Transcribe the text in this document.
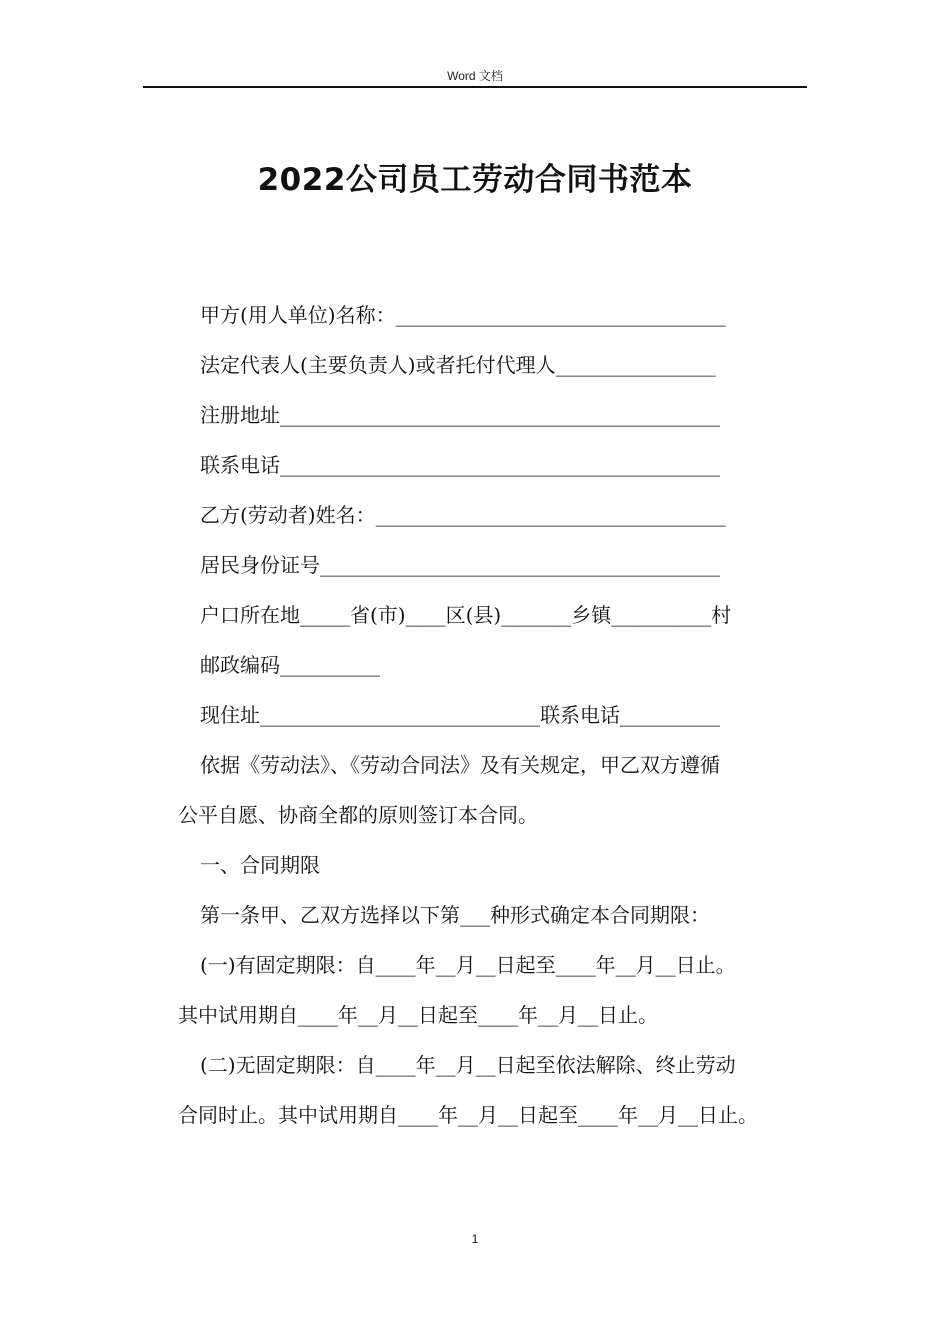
Word 文档
2022公司员工劳动合同书范本
甲方(用人单位)名称：_________________________________
法定代表人(主要负责人)或者托付代理人________________
注册地址____________________________________________
联系电话____________________________________________
乙方(劳动者)姓名：___________________________________
居民身份证号________________________________________
户口所在地_____省(市)____区(县)_______乡镇__________村
邮政编码__________
现住址____________________________联系电话__________
依据《劳动法》、《劳动合同法》及有关规定，甲乙双方遵循
公平自愿、协商全都的原则签订本合同。
一、合同期限
第一条甲、乙双方选择以下第___种形式确定本合同期限：
(一)有固定期限：自____年__月__日起至____年__月__日止。
其中试用期自____年__月__日起至____年__月__日止。
(二)无固定期限：自____年__月__日起至依法解除、终止劳动
合同时止。其中试用期自____年__月__日起至____年__月__日止。
1
